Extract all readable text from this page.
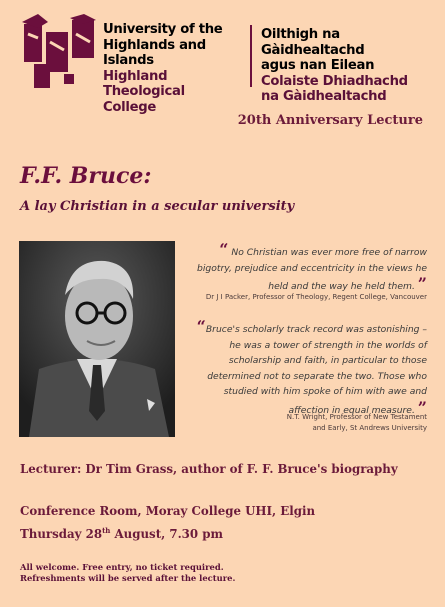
University of the
Highlands and Islands
Highland Theological
College
Oilthigh na Gàidhealtachd
agus nan Eilean
Colaiste Dhiadhachd
na Gàidhealtachd
20th Anniversary Lecture
F.F. Bruce:
A lay Christian in a secular university
“ No Christian was ever more free of narrow
bigotry, prejudice and eccentricity in the views he
held and the way he held them. ”
Dr J I Packer, Professor of Theology, Regent College, Vancouver
“Bruce's scholarly track record was astonishing –
he was a tower of strength in the worlds of
scholarship and faith, in particular to those
determined not to separate the two. Those who
studied with him spoke of him with awe and
affection in equal measure. ”
N.T. Wright, Professor of New Testament
and Early, St Andrews University
Lecturer: Dr Tim Grass, author of F. F. Bruce's biography
Conference Room, Moray College UHI, Elgin
Thursday 28th August, 7.30 pm
All welcome. Free entry, no ticket required.
Refreshments will be served after the lecture.
